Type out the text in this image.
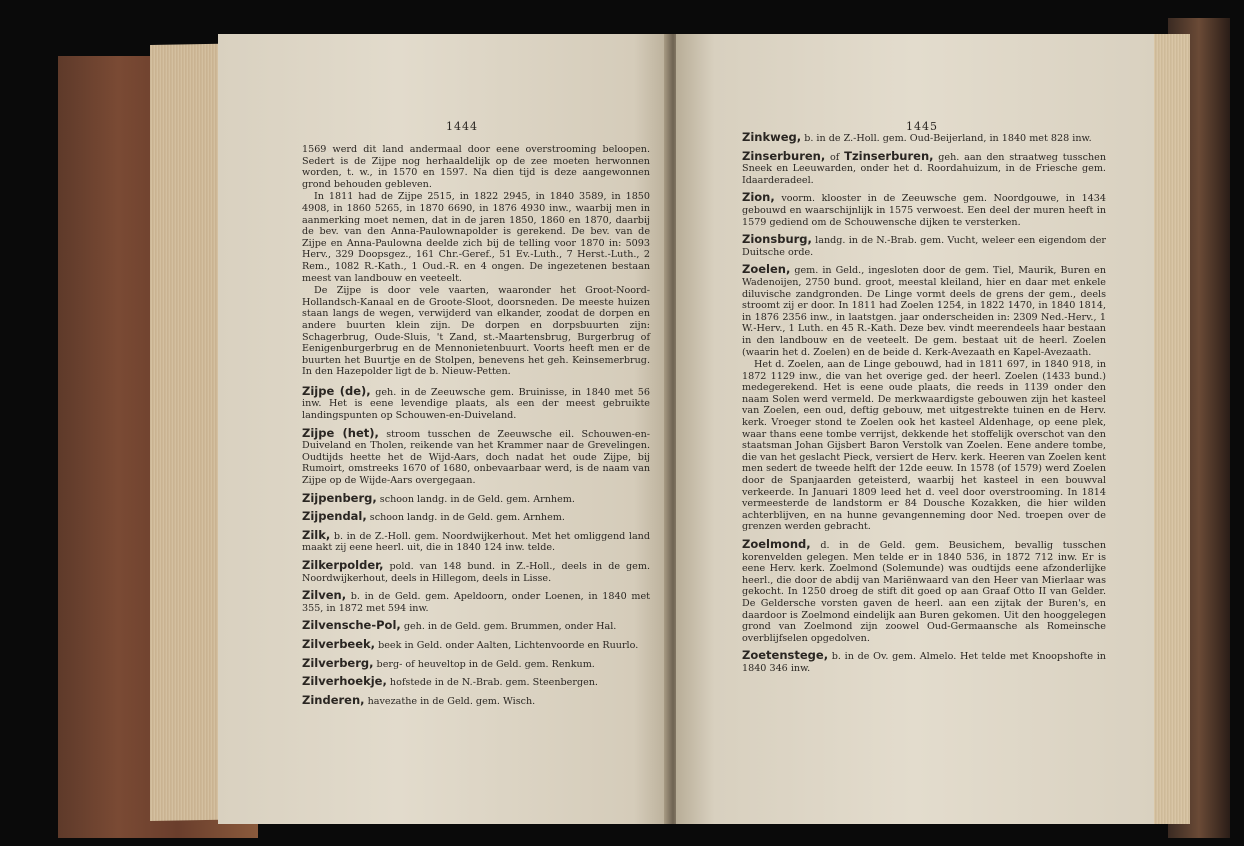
1444

1569 werd dit land andermaal door eene overstrooming beloopen. Sedert is de Zijpe nog herhaaldelijk op de zee moeten herwonnen worden, t. w., in 1570 en 1597. Na dien tijd is deze aangewonnen grond behouden gebleven.

In 1811 had de Zijpe 2515, in 1822 2945, in 1840 3589, in 1850 4908, in 1860 5265, in 1870 6690, in 1876 4930 inw., waarbij men in aanmerking moet nemen, dat in de jaren 1850, 1860 en 1870, daarbij de bev. van den Anna-Paulownapolder is gerekend. De bev. van de Zijpe en Anna-Paulowna deelde zich bij de telling voor 1870 in: 5093 Herv., 329 Doopsgez., 161 Chr.-Geref., 51 Ev.-Luth., 7 Herst.-Luth., 2 Rem., 1082 R.-Kath., 1 Oud.-R. en 4 ongen. De ingezetenen bestaan meest van landbouw en veeteelt.

De Zijpe is door vele vaarten, waaronder het Groot-Noord-Hollandsch-Kanaal en de Groote-Sloot, doorsneden. De meeste huizen staan langs de wegen, verwijderd van elkander, zoodat de dorpen en andere buurten klein zijn. De dorpen en dorpsbuurten zijn: Schagerbrug, Oude-Sluis, 't Zand, st.-Maartensbrug, Burgerbrug of Eenigenburgerbrug en de Mennonietenbuurt. Voorts heeft men er de buurten het Buurtje en de Stolpen, benevens het geh. Keinsemerbrug. In den Hazepolder ligt de b. Nieuw-Petten.

Zijpe (de), geh. in de Zeeuwsche gem. Bruinisse, in 1840 met 56 inw. Het is eene levendige plaats, als een der meest gebruikte landingspunten op Schouwen-en-Duiveland.

Zijpe (het), stroom tusschen de Zeeuwsche eil. Schouwen-en-Duiveland en Tholen, reikende van het Krammer naar de Grevelingen. Oudtijds heette het de Wijd-Aars, doch nadat het oude Zijpe, bij Rumoirt, omstreeks 1670 of 1680, onbevaarbaar werd, is de naam van Zijpe op de Wijde-Aars overgegaan.

Zijpenberg, schoon landg. in de Geld. gem. Arnhem.

Zijpendal, schoon landg. in de Geld. gem. Arnhem.

Zilk, b. in de Z.-Holl. gem. Noordwijkerhout. Met het omliggend land maakt zij eene heerl. uit, die in 1840 124 inw. telde.

Zilkerpolder, pold. van 148 bund. in Z.-Holl., deels in de gem. Noordwijkerhout, deels in Hillegom, deels in Lisse.

Zilven, b. in de Geld. gem. Apeldoorn, onder Loenen, in 1840 met 355, in 1872 met 594 inw.

Zilvensche-Pol, geh. in de Geld. gem. Brummen, onder Hal.

Zilverbeek, beek in Geld. onder Aalten, Lichtenvoorde en Ruurlo.

Zilverberg, berg- of heuveltop in de Geld. gem. Renkum.

Zilverhoekje, hofstede in de N.-Brab. gem. Steenbergen.

Zinderen, havezathe in de Geld. gem. Wisch.

1445

Zinkweg, b. in de Z.-Holl. gem. Oud-Beijerland, in 1840 met 828 inw.

Zinserburen, of Tzinserburen, geh. aan den straatweg tusschen Sneek en Leeuwarden, onder het d. Roordahuizum, in de Friesche gem. Idaarderadeel.

Zion, voorm. klooster in de Zeeuwsche gem. Noordgouwe, in 1434 gebouwd en waarschijnlijk in 1575 verwoest. Een deel der muren heeft in 1579 gediend om de Schouwensche dijken te versterken.

Zionsburg, landg. in de N.-Brab. gem. Vucht, weleer een eigendom der Duitsche orde.

Zoelen, gem. in Geld., ingesloten door de gem. Tiel, Maurik, Buren en Wadenoijen, 2750 bund. groot, meestal kleiland, hier en daar met enkele diluvische zandgronden. De Linge vormt deels de grens der gem., deels stroomt zij er door. In 1811 had Zoelen 1254, in 1822 1470, in 1840 1814, in 1876 2356 inw., in laatstgen. jaar onderscheiden in: 2309 Ned.-Herv., 1 W.-Herv., 1 Luth. en 45 R.-Kath. Deze bev. vindt meerendeels haar bestaan in den landbouw en de veeteelt. De gem. bestaat uit de heerl. Zoelen (waarin het d. Zoelen) en de beide d. Kerk-Avezaath en Kapel-Avezaath.

Het d. Zoelen, aan de Linge gebouwd, had in 1811 697, in 1840 918, in 1872 1129 inw., die van het overige ged. der heerl. Zoelen (1433 bund.) medegerekend. Het is eene oude plaats, die reeds in 1139 onder den naam Solen werd vermeld. De merkwaardigste gebouwen zijn het kasteel van Zoelen, een oud, deftig gebouw, met uitgestrekte tuinen en de Herv. kerk. Vroeger stond te Zoelen ook het kasteel Aldenhage, op eene plek, waar thans eene tombe verrijst, dekkende het stoffelijk overschot van den staatsman Johan Gijsbert Baron Verstolk van Zoelen. Eene andere tombe, die van het geslacht Pieck, versiert de Herv. kerk. Heeren van Zoelen kent men sedert de tweede helft der 12de eeuw. In 1578 (of 1579) werd Zoelen door de Spanjaarden geteisterd, waarbij het kasteel in een bouwval verkeerde. In Januari 1809 leed het d. veel door overstrooming. In 1814 vermeesterde de landstorm er 84 Dousche Kozakken, die hier wilden achterblijven, en na hunne gevangenneming door Ned. troepen over de grenzen werden gebracht.

Zoelmond, d. in de Geld. gem. Beusichem, bevallig tusschen korenvelden gelegen. Men telde er in 1840 536, in 1872 712 inw. Er is eene Herv. kerk. Zoelmond (Solemunde) was oudtijds eene afzonderlijke heerl., die door de abdij van Mariënwaard van den Heer van Mierlaar was gekocht. In 1250 droeg de stift dit goed op aan Graaf Otto II van Gelder. De Geldersche vorsten gaven de heerl. aan een zijtak der Buren's, en daardoor is Zoelmond eindelijk aan Buren gekomen. Uit den hooggelegen grond van Zoelmond zijn zoowel Oud-Germaansche als Romeinsche overblijfselen opgedolven.

Zoetenstege, b. in de Ov. gem. Almelo. Het telde met Knoopshofte in 1840 346 inw.
